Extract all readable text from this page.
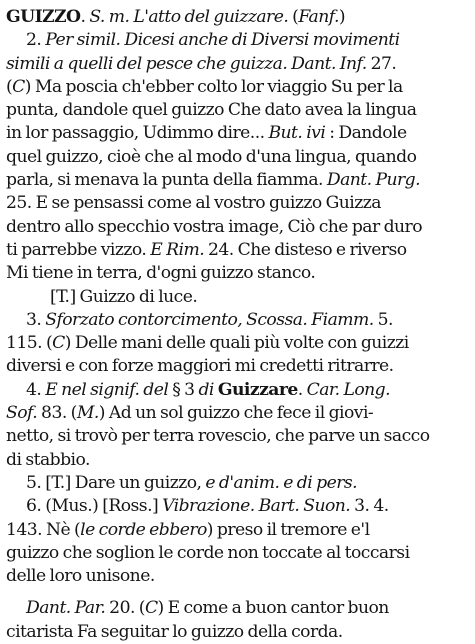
GUIZZO. S. m. L'atto del guizzare. (Fanf.)
2. Per simil. Dicesi anche di Diversi movimenti
simili a quelli del pesce che guizza. Dant. Inf. 27.
(C) Ma poscia ch'ebber colto lor viaggio Su per la
punta, dandole quel guizzo Che dato avea la lingua
in lor passaggio, Udimmo dire... But. ivi : Dandole
quel guizzo, cioè che al modo d'una lingua, quando
parla, si menava la punta della fiamma. Dant. Purg.
25. E se pensassi come al vostro guizzo Guizza
dentro allo specchio vostra image, Ciò che par duro
ti parrebbe vizzo. E Rim. 24. Che disteso e riverso
Mi tiene in terra, d'ogni guizzo stanco.
[T.] Guizzo di luce.
3. Sforzato contorcimento, Scossa. Fiamm. 5.
115. (C) Delle mani delle quali più volte con guizzi
diversi e con forze maggiori mi credetti ritrarre.
4. E nel signif. del § 3 di Guizzare. Car. Long.
Sof. 83. (M.) Ad un sol guizzo che fece il giovi-
netto, si trovò per terra rovescio, che parve un sacco
di stabbio.
5. [T.] Dare un guizzo, e d'anim. e di pers.
6. (Mus.) [Ross.] Vibrazione. Bart. Suon. 3. 4.
143. Nè (le corde ebbero) preso il tremore e'l
guizzo che soglion le corde non toccate al toccarsi
delle loro unisone.
Dant. Par. 20. (C) E come a buon cantor buon
citarista Fa seguitar lo guizzo della corda.
